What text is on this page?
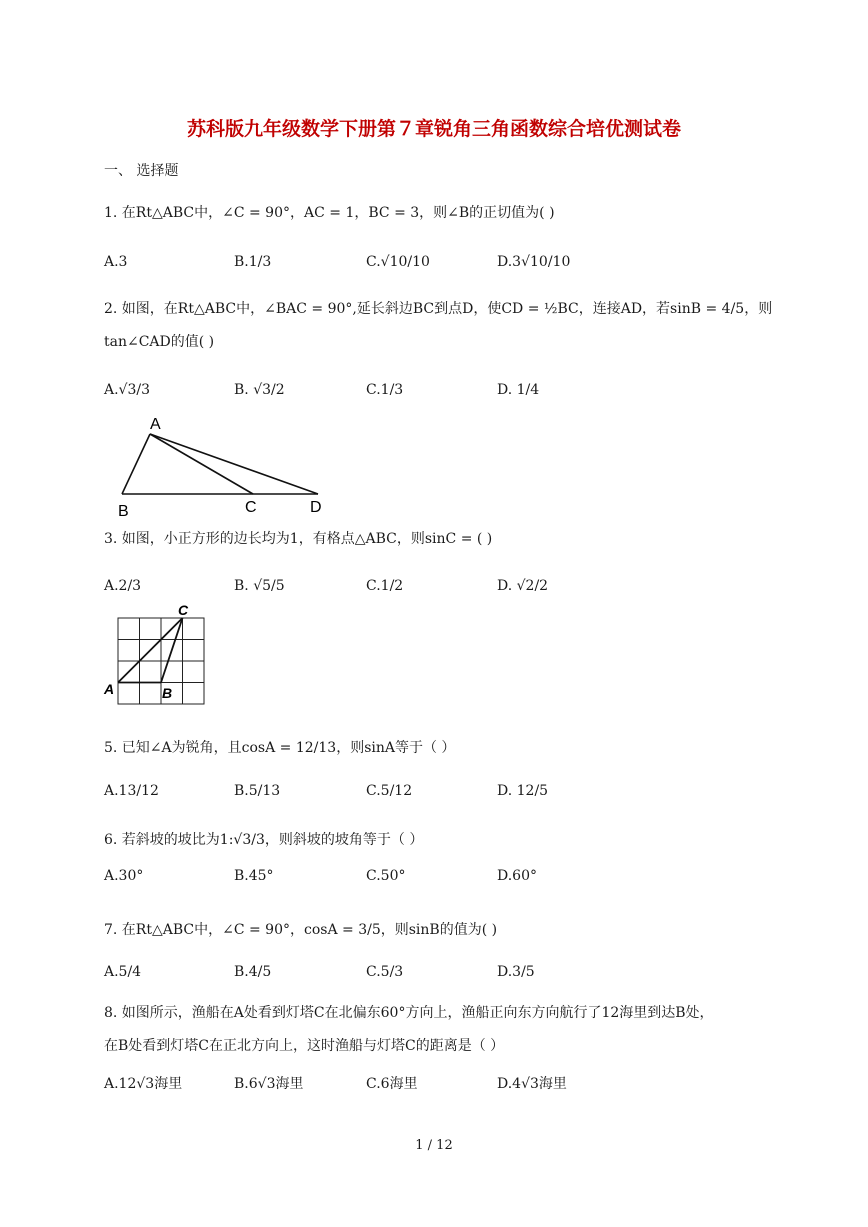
苏科版九年级数学下册第７章锐角三角函数综合培优测试卷
一、 选择题
1. 在Rt△ABC中，∠C = 90°，AC = 1，BC = 3，则∠B的正切值为( )
A.3	B.1/3	C.√10/10	D.3√10/10
2. 如图，在Rt△ABC中，∠BAC = 90°,延长斜边BC到点D，使CD = ½BC，连接AD，若sinB = 4/5，则
tan∠CAD的值( )
A.√3/3	B. √3/2	C.1/3	D. 1/4
A
B	C	D
3. 如图，小正方形的边长均为1，有格点△ABC，则sinC = ( )
A.2/3	B. √5/5	C.1/2	D. √2/2
A	B
C
5. 已知∠A为锐角，且cosA = 12/13，则sinA等于（ ）
A.13/12	B.5/13	C.5/12	D. 12/5
6. 若斜坡的坡比为1:√3/3，则斜坡的坡角等于（ ）
A.30°	B.45°	C.50°	D.60°
7. 在Rt△ABC中，∠C = 90°，cosA = 3/5，则sinB的值为( )
A.5/4	B.4/5	C.5/3	D.3/5
8. 如图所示，渔船在A处看到灯塔C在北偏东60°方向上，渔船正向东方向航行了12海里到达B处，
在B处看到灯塔C在正北方向上，这时渔船与灯塔C的距离是（ ）
A.12√3海里	B.6√3海里	C.6海里	D.4√3海里
1 / 12
